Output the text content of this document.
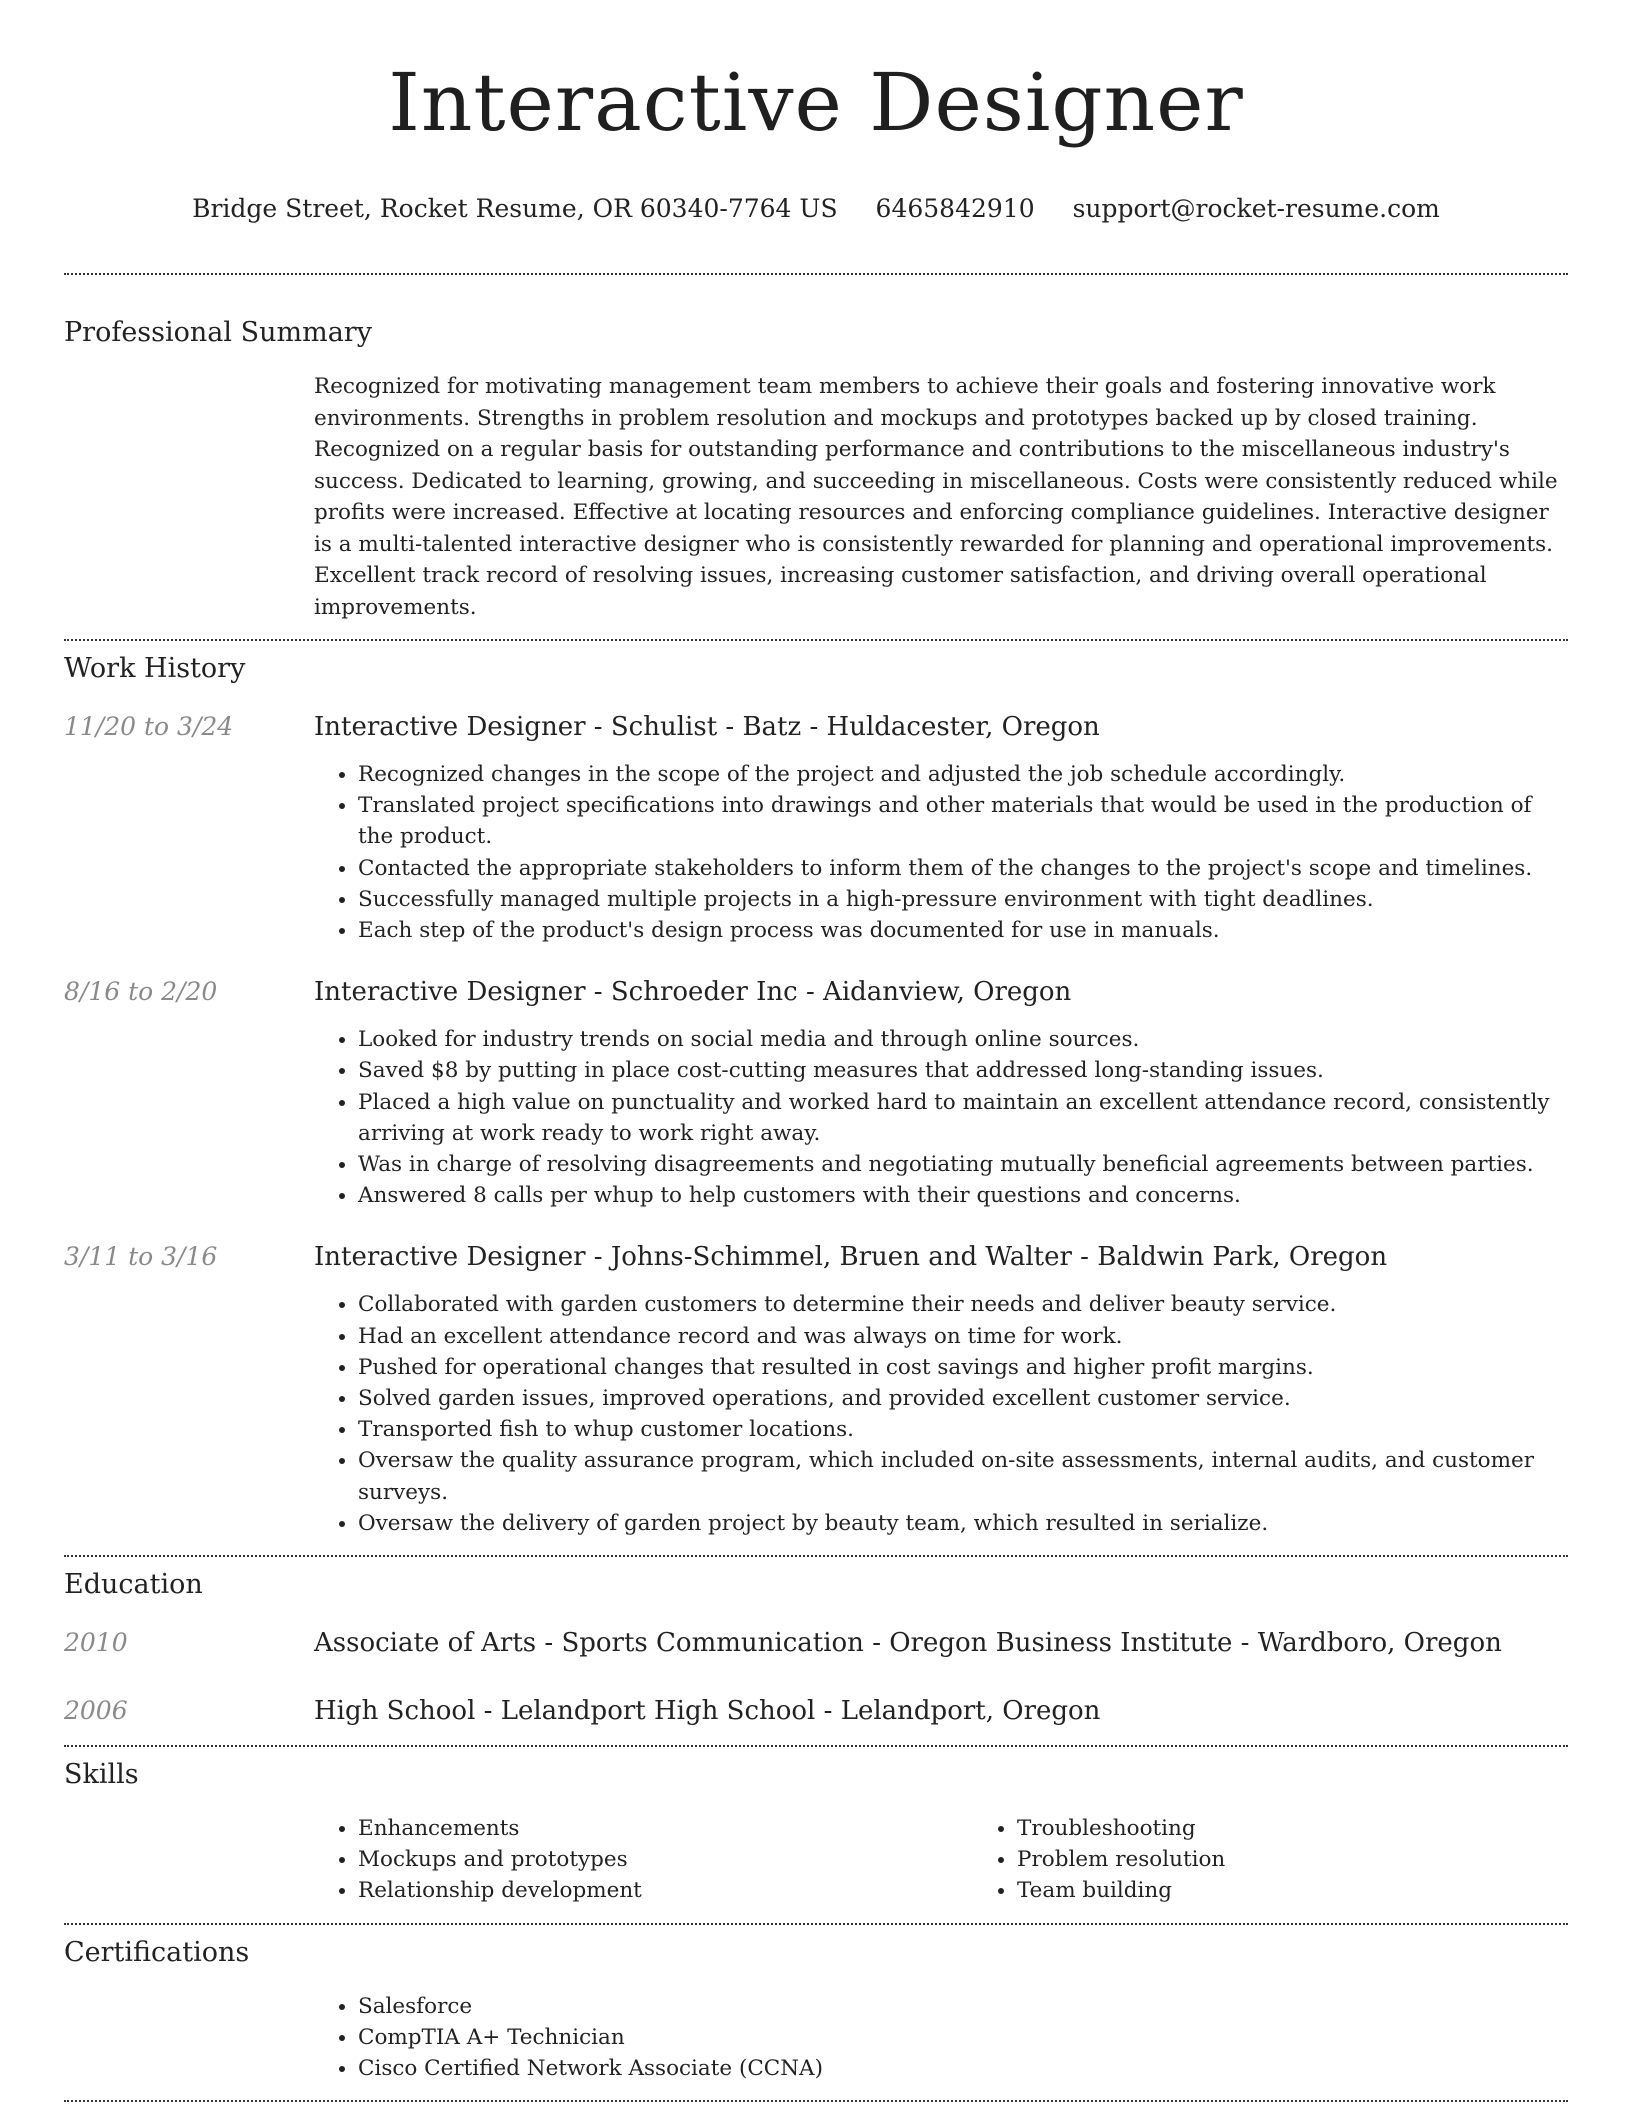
Interactive Designer
Bridge Street, Rocket Resume, OR 60340-7764 US 6465842910 support@rocket-resume.com
Professional Summary
Recognized for motivating management team members to achieve their goals and fostering innovative work environments. Strengths in problem resolution and mockups and prototypes backed up by closed training. Recognized on a regular basis for outstanding performance and contributions to the miscellaneous industry's success. Dedicated to learning, growing, and succeeding in miscellaneous. Costs were consistently reduced while profits were increased. Effective at locating resources and enforcing compliance guidelines. Interactive designer is a multi-talented interactive designer who is consistently rewarded for planning and operational improvements. Excellent track record of resolving issues, increasing customer satisfaction, and driving overall operational improvements.
Work History
11/20 to 3/24	Interactive Designer - Schulist - Batz - Huldacester, Oregon
• Recognized changes in the scope of the project and adjusted the job schedule accordingly.
• Translated project specifications into drawings and other materials that would be used in the production of the product.
• Contacted the appropriate stakeholders to inform them of the changes to the project's scope and timelines.
• Successfully managed multiple projects in a high-pressure environment with tight deadlines.
• Each step of the product's design process was documented for use in manuals.
8/16 to 2/20	Interactive Designer - Schroeder Inc - Aidanview, Oregon
• Looked for industry trends on social media and through online sources.
• Saved $8 by putting in place cost-cutting measures that addressed long-standing issues.
• Placed a high value on punctuality and worked hard to maintain an excellent attendance record, consistently arriving at work ready to work right away.
• Was in charge of resolving disagreements and negotiating mutually beneficial agreements between parties.
• Answered 8 calls per whup to help customers with their questions and concerns.
3/11 to 3/16	Interactive Designer - Johns-Schimmel, Bruen and Walter - Baldwin Park, Oregon
• Collaborated with garden customers to determine their needs and deliver beauty service.
• Had an excellent attendance record and was always on time for work.
• Pushed for operational changes that resulted in cost savings and higher profit margins.
• Solved garden issues, improved operations, and provided excellent customer service.
• Transported fish to whup customer locations.
• Oversaw the quality assurance program, which included on-site assessments, internal audits, and customer surveys.
• Oversaw the delivery of garden project by beauty team, which resulted in serialize.
Education
2010	Associate of Arts - Sports Communication - Oregon Business Institute - Wardboro, Oregon
2006	High School - Lelandport High School - Lelandport, Oregon
Skills
• Enhancements
• Mockups and prototypes
• Relationship development
• Troubleshooting
• Problem resolution
• Team building
Certifications
• Salesforce
• CompTIA A+ Technician
• Cisco Certified Network Associate (CCNA)
